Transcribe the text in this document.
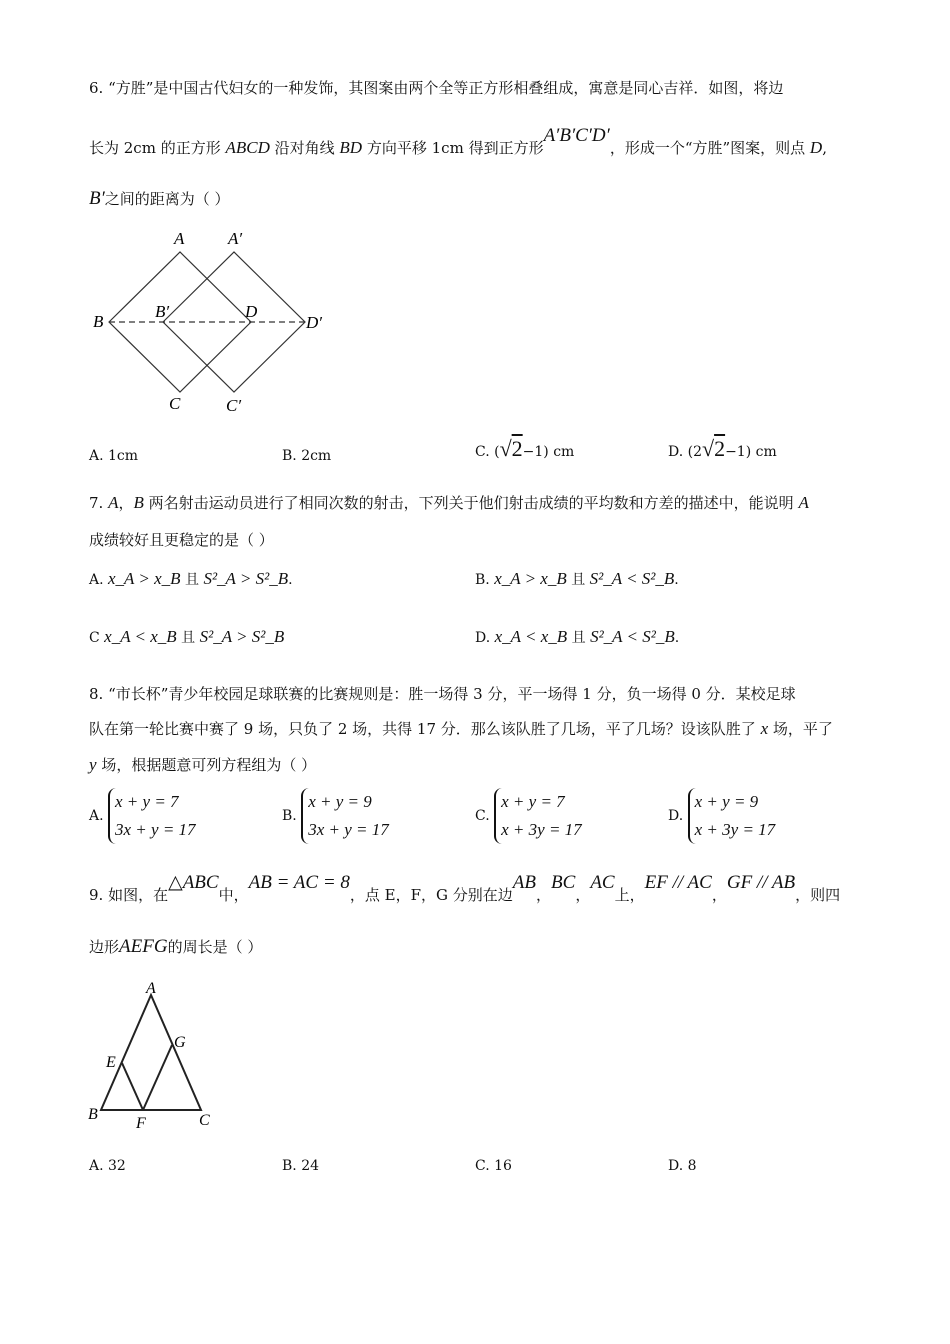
6. “方胜”是中国古代妇女的一种发饰，其图案由两个全等正方形相叠组成，寓意是同心吉祥．如图，将边
长为 2cm 的正方形 ABCD 沿对角线 BD 方向平移 1cm 得到正方形A′B′C′D′，形成一个“方胜”图案，则点 D,
B′之间的距离为（ ）
A	A′
B
B′	D
D′
C	C′
A. 1cm	B. 2cm	C. (√2−1) cm	D. (2√2−1) cm
7. A，B 两名射击运动员进行了相同次数的射击，下列关于他们射击成绩的平均数和方差的描述中，能说明 A
成绩较好且更稳定的是（ ）
A. x_A > x_B 且 S²_A > S²_B.	B. x_A > x_B 且 S²_A < S²_B.
C x_A < x_B 且 S²_A > S²_B	D. x_A < x_B 且 S²_A < S²_B.
8. “市长杯”青少年校园足球联赛的比赛规则是：胜一场得 3 分，平一场得 1 分，负一场得 0 分．某校足球
队在第一轮比赛中赛了 9 场，只负了 2 场，共得 17 分．那么该队胜了几场，平了几场？设该队胜了 x 场，平了
y 场，根据题意可列方程组为（ ）
A.
x + y = 7
3x + y = 17
B.
x + y = 9
3x + y = 17
C.
x + y = 7
x + 3y = 17
D.
x + y = 9
x + 3y = 17
9. 如图，在△ABC中，AB = AC = 8，点 E，F，G 分别在边AB，BC，AC上，EF // AC，GF // AB，则四
边形AEFG的周长是（ ）
A
E
G
B
F	C
A. 32	B. 24	C. 16	D. 8
